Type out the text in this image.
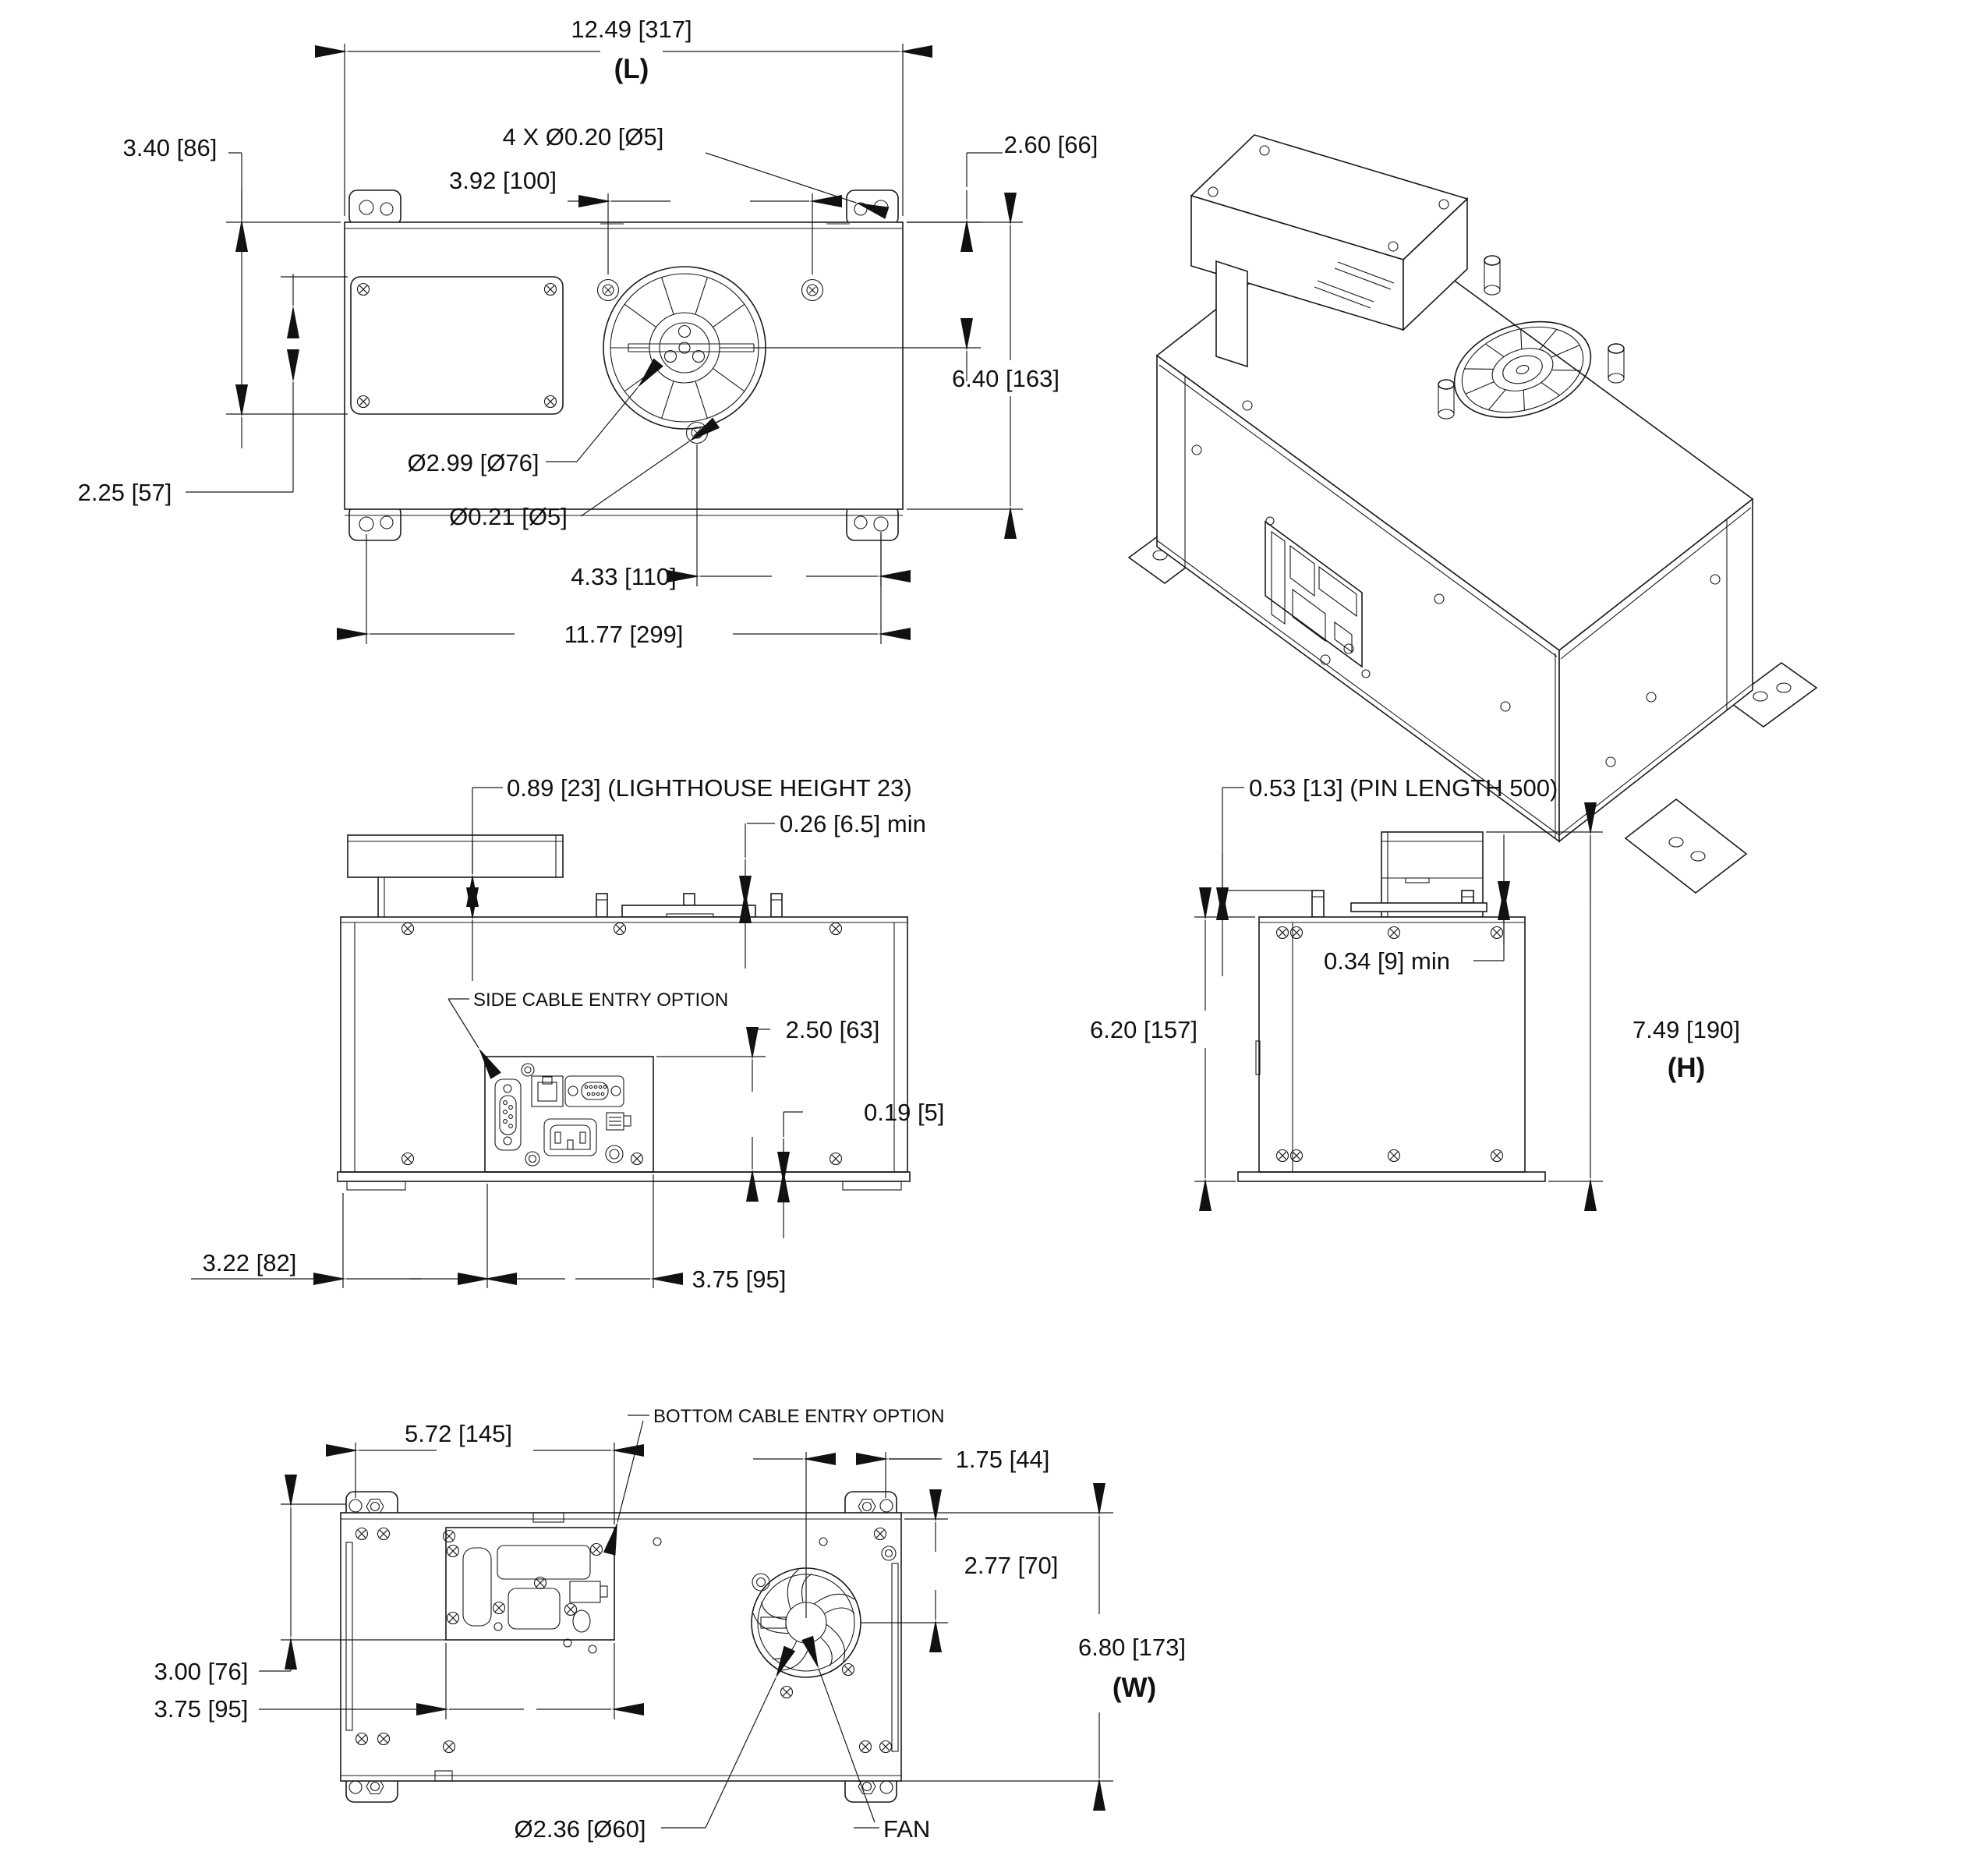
12.49 [317]
(L)
3.40 [86]
2.25 [57]
3.92 [100]
4 X Ø0.20 [Ø5]	2.60 [66]
6.40 [163]
Ø2.99 [Ø76]
Ø0.21 [Ø5]
4.33 [110]
11.77 [299]
0.89 [23] (LIGHTHOUSE HEIGHT 23)
0.26 [6.5] min
SIDE CABLE ENTRY OPTION
2.50 [63]
0.19 [5]
3.22 [82]
3.75 [95]
0.53 [13] (PIN LENGTH 500)
0.34 [9] min
6.20 [157]	7.49 [190]
(H)
5.72 [145]
BOTTOM CABLE ENTRY OPTION
1.75 [44]
2.77 [70]
6.80 [173]
(W)
3.00 [76]
3.75 [95]
Ø2.36 [Ø60]	FAN
